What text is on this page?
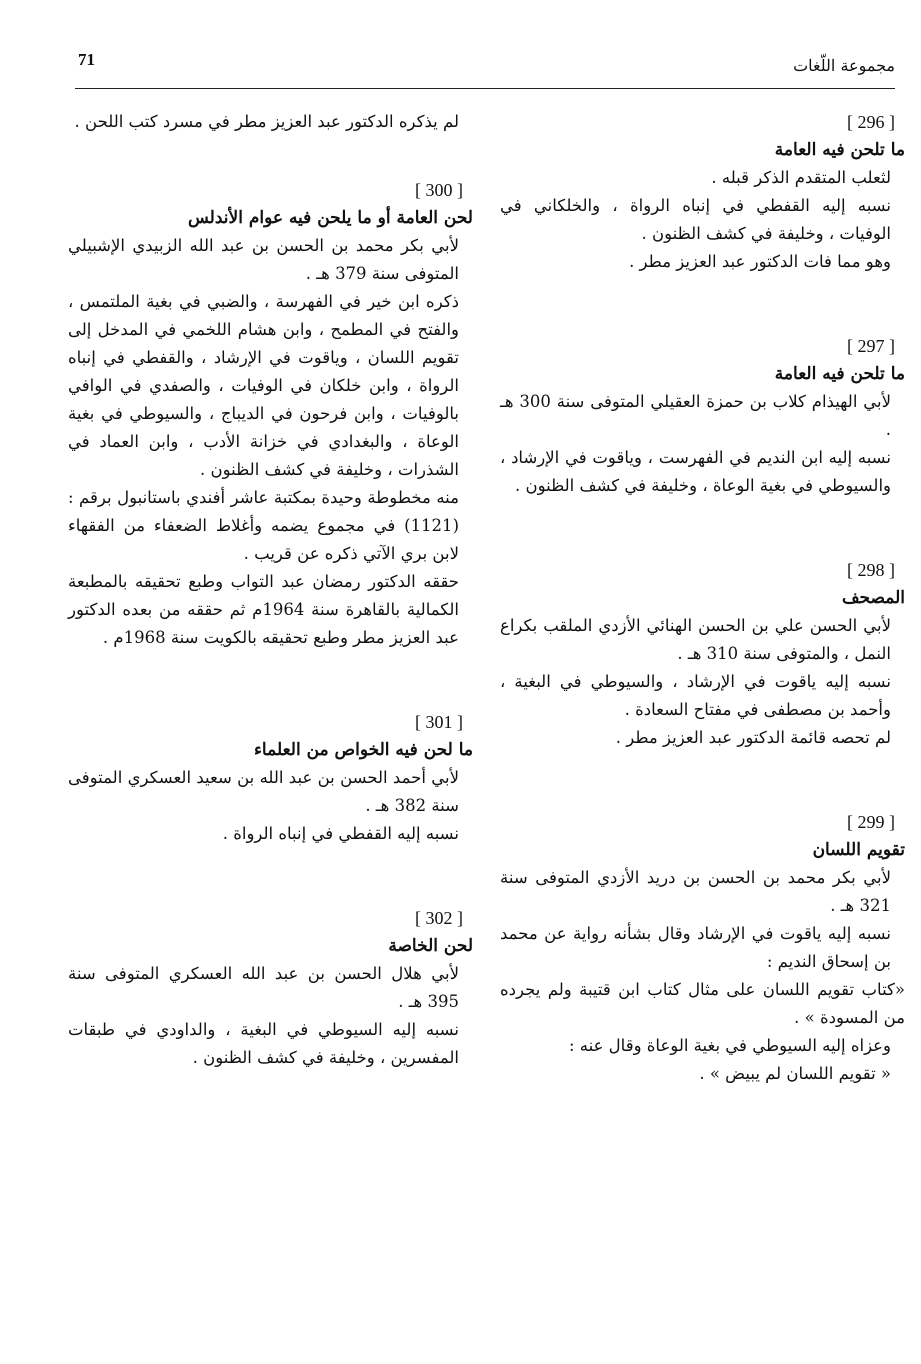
71	مجموعة اللّغات
[ 296 ]
ما تلحن فيه العامة

لثعلب المتقدم الذكر قبله .

نسبه إليه القفطي في إنباه الرواة ، والخلكاني في الوفيات ، وخليفة في كشف الظنون .

وهو مما فات الدكتور عبد العزيز مطر .

[ 297 ]
ما تلحن فيه العامة

لأبي الهيذام كلاب بن حمزة العقيلي المتوفى سنة 300 هـ .

نسبه إليه ابن النديم في الفهرست ، وياقوت في الإرشاد ، والسيوطي في بغية الوعاة ، وخليفة في كشف الظنون .

[ 298 ]
المصحف

لأبي الحسن علي بن الحسن الهنائي الأزدي الملقب بكراع النمل ، والمتوفى سنة 310 هـ .

نسبه إليه ياقوت في الإرشاد ، والسيوطي في البغية ، وأحمد بن مصطفى في مفتاح السعادة .

لم تحصه قائمة الدكتور عبد العزيز مطر .

[ 299 ]
تقويم اللسان

لأبي بكر محمد بن الحسن بن دريد الأزدي المتوفى سنة 321 هـ .

نسبه إليه ياقوت في الإرشاد وقال بشأنه رواية عن محمد بن إسحاق النديم :

«كتاب تقويم اللسان على مثال كتاب ابن قتيبة ولم يجرده من المسودة » .

وعزاه إليه السيوطي في بغية الوعاة وقال عنه :

« تقويم اللسان لم يبيض » .

لم يذكره الدكتور عبد العزيز مطر في مسرد كتب اللحن .

[ 300 ]
لحن العامة أو ما يلحن فيه عوام الأندلس

لأبي بكر محمد بن الحسن بن عبد الله الزبيدي الإشبيلي المتوفى سنة 379 هـ .

ذكره ابن خير في الفهرسة ، والضبي في بغية الملتمس ، والفتح في المطمح ، وابن هشام اللخمي في المدخل إلى تقويم اللسان ، وياقوت في الإرشاد ، والقفطي في إنباه الرواة ، وابن خلكان في الوفيات ، والصفدي في الوافي بالوفيات ، وابن فرحون في الديباج ، والسيوطي في بغية الوعاة ، والبغدادي في خزانة الأدب ، وابن العماد في الشذرات ، وخليفة في كشف الظنون .

منه مخطوطة وحيدة بمكتبة عاشر أفندي باستانبول برقم : (1121) في مجموع يضمه وأغلاط الضعفاء من الفقهاء لابن بري الآتي ذكره عن قريب .

حققه الدكتور رمضان عبد التواب وطبع تحقيقه بالمطبعة الكمالية بالقاهرة سنة 1964م ثم حققه من بعده الدكتور عبد العزيز مطر وطبع تحقيقه بالكويت سنة 1968م .

[ 301 ]
ما لحن فيه الخواص من العلماء

لأبي أحمد الحسن بن عبد الله بن سعيد العسكري المتوفى سنة 382 هـ .

نسبه إليه القفطي في إنباه الرواة .

[ 302 ]
لحن الخاصة

لأبي هلال الحسن بن عبد الله العسكري المتوفى سنة 395 هـ .

نسبه إليه السيوطي في البغية ، والداودي في طبقات المفسرين ، وخليفة في كشف الظنون .
